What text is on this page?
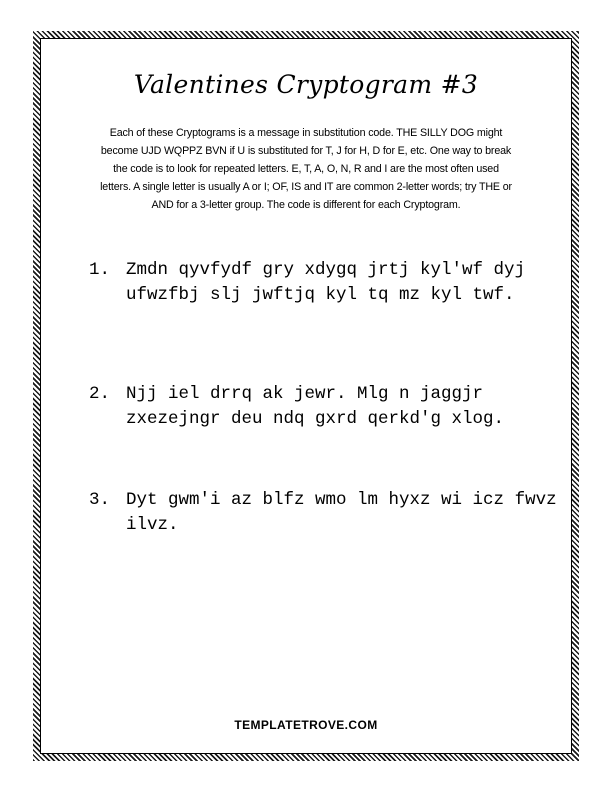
Valentines Cryptogram #3
Each of these Cryptograms is a message in substitution code. THE SILLY DOG might
become UJD WQPPZ BVN if U is substituted for T, J for H, D for E, etc. One way to break
the code is to look for repeated letters. E, T, A, O, N, R and I are the most often used
letters. A single letter is usually A or I; OF, IS and IT are common 2-letter words; try THE or
AND for a 3-letter group. The code is different for each Cryptogram.
1. Zmdn qyvfydf gry xdygq jrtj kyl'wf dyj ufwzfbj slj jwftjq kyl tq mz kyl twf.
2. Njj iel drrq ak jewr. Mlg n jaggjr zxezejngr deu ndq gxrd qerkd'g xlog.
3. Dyt gwm'i az blfz wmo lm hyxz wi icz fwvz ilvz.
TEMPLATETROVE.COM
